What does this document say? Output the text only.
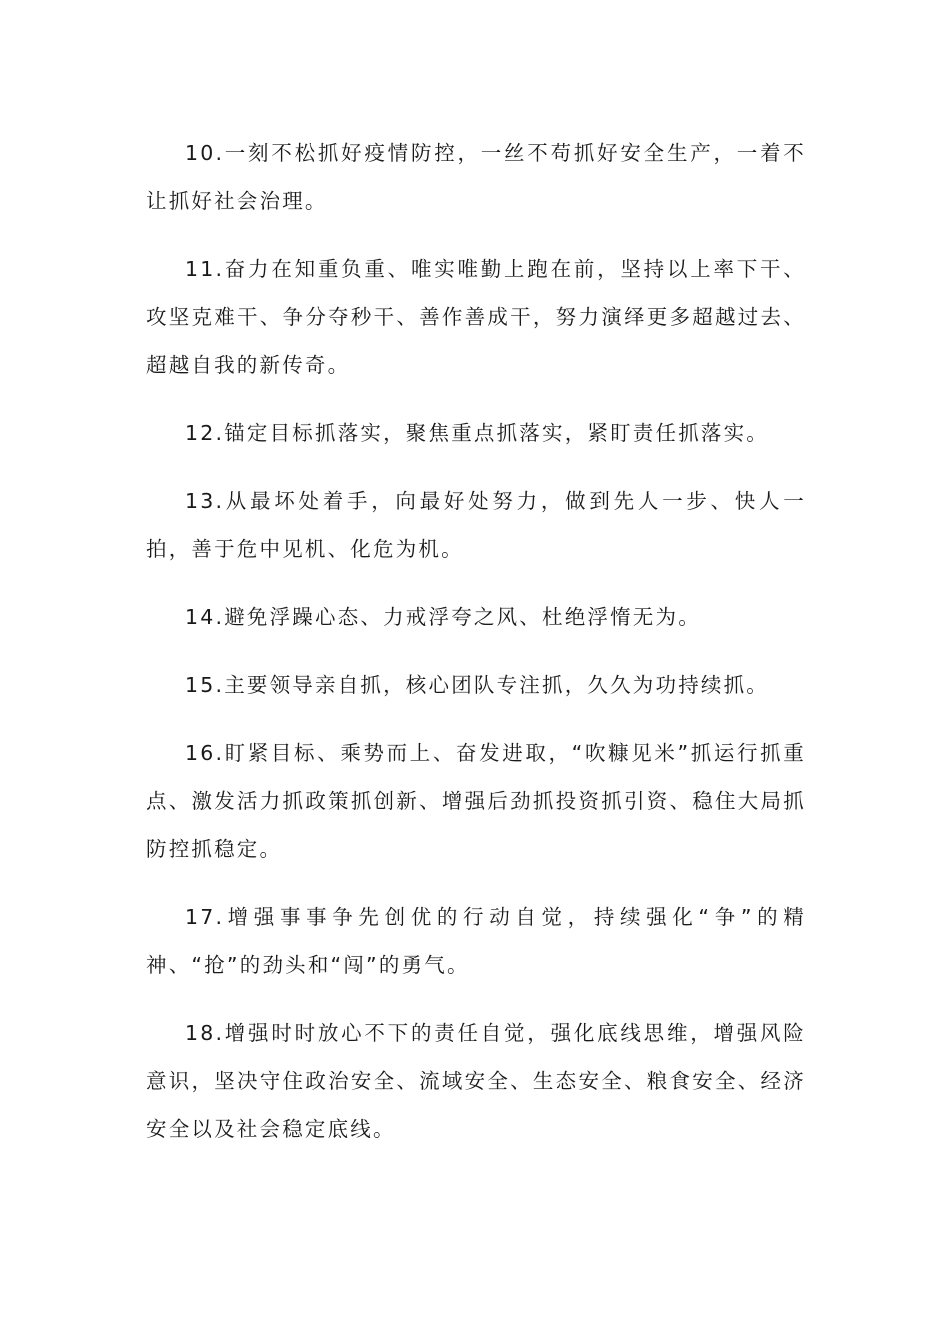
10.一刻不松抓好疫情防控，一丝不苟抓好安全生产，一着不让抓好社会治理。

11.奋力在知重负重、唯实唯勤上跑在前，坚持以上率下干、攻坚克难干、争分夺秒干、善作善成干，努力演绎更多超越过去、超越自我的新传奇。

12.锚定目标抓落实，聚焦重点抓落实，紧盯责任抓落实。

13.从最坏处着手，向最好处努力，做到先人一步、快人一拍，善于危中见机、化危为机。

14.避免浮躁心态、力戒浮夸之风、杜绝浮惰无为。

15.主要领导亲自抓，核心团队专注抓，久久为功持续抓。

16.盯紧目标、乘势而上、奋发进取，“吹糠见米”抓运行抓重点、激发活力抓政策抓创新、增强后劲抓投资抓引资、稳住大局抓防控抓稳定。

17.增强事事争先创优的行动自觉，持续强化“争”的精神、“抢”的劲头和“闯”的勇气。

18.增强时时放心不下的责任自觉，强化底线思维，增强风险意识，坚决守住政治安全、流域安全、生态安全、粮食安全、经济安全以及社会稳定底线。
